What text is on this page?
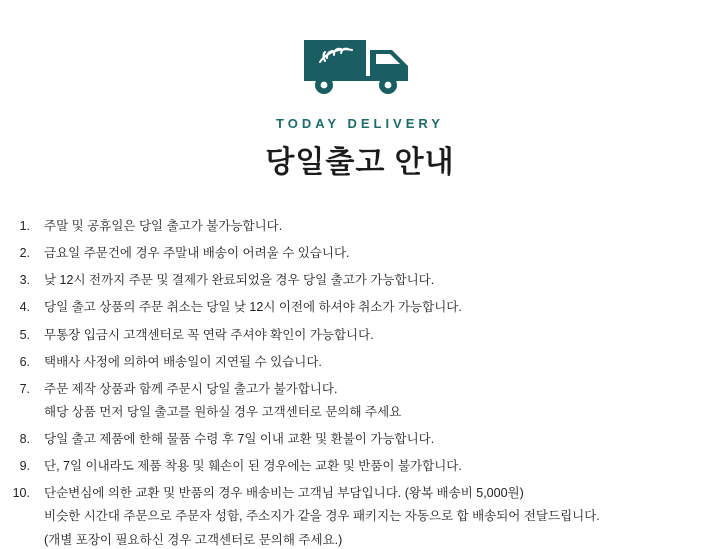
TODAY DELIVERY
당일출고 안내
1.	주말 및 공휴일은 당일 출고가 불가능합니다.
2.	금요일 주문건에 경우 주말내 배송이 어려울 수 있습니다.
3.	낮 12시 전까지 주문 및 결제가 완료되었을 경우 당일 출고가 가능합니다.
4.	당일 출고 상품의 주문 취소는 당일 낮 12시 이전에 하셔야 취소가 가능합니다.
5.	무통장 입금시 고객센터로 꼭 연락 주셔야 확인이 가능합니다.
6.	택배사 사정에 의하여 배송일이 지연될 수 있습니다.
7.	주문 제작 상품과 함께 주문시 당일 출고가 불가합니다.
해당 상품 먼저 당일 출고를 원하실 경우 고객센터로 문의해 주세요
8.	당일 출고 제품에 한해 물품 수령 후 7일 이내 교환 및 환불이 가능합니다.
9.	단, 7일 이내라도 제품 착용 및 훼손이 된 경우에는 교환 및 반품이 불가합니다.
10.	단순변심에 의한 교환 및 반품의 경우 배송비는 고객님 부담입니다. (왕복 배송비 5,000원)
비슷한 시간대 주문으로 주문자 성함, 주소지가 같을 경우 패키지는 자동으로 합 배송되어 전달드립니다.
(개별 포장이 필요하신 경우 고객센터로 문의해 주세요.)
